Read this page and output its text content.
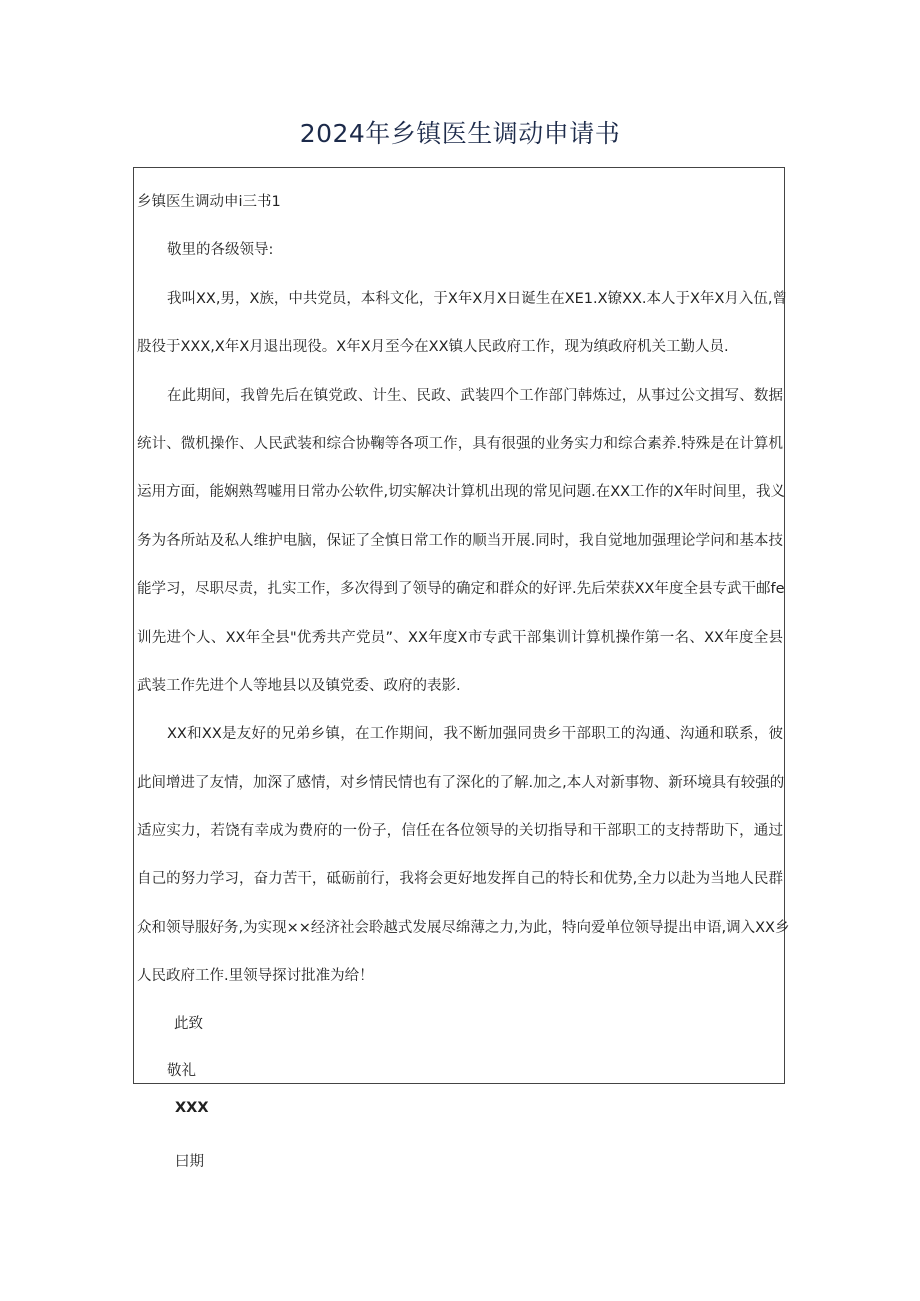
2024年乡镇医生调动申请书
乡镇医生调动申i三书1
敬里的各级领导:
我叫XX,男，X族，中共党员，本科文化，于X年X月X日诞生在XE1.X镣XX.本人于X年X月入伍,曾
股役于XXX,X年X月退出现役。X年X月至今在XX镇人民政府工作，现为缜政府机关工勤人员.
在此期间，我曾先后在镇党政、计生、民政、武装四个工作部门韩炼过，从事过公文揖写、数据
统计、微机操作、人民武装和综合协鞠等各项工作，具有很强的业务实力和综合素养.特殊是在计算机
运用方面，能娴熟驾嘘用日常办公软件,切实解决计算机出现的常见问题.在XX工作的X年时间里，我义
务为各所站及私人维护电脑，保证了全慎日常工作的顺当开展.同时，我自觉地加强理论学问和基本技
能学习，尽职尽责，扎实工作，多次得到了领导的确定和群众的好评.先后荣获XX年度全县专武干邮fe
训先进个人、XX年全县"优秀共产党员”、XX年度X市专武干部集训计算机操作第一名、XX年度全县
武装工作先进个人等地县以及镇党委、政府的表影.
XX和XX是友好的兄弟乡镇，在工作期间，我不断加强同贵乡干部职工的沟通、沟通和联系，彼
此间增进了友情，加深了感情，对乡情民情也有了深化的了解.加之,本人对新事物、新环境具有较强的
适应实力，若饶有幸成为费府的一份子，信任在各位领导的关切指导和干部职工的支持帮助下，通过
自己的努力学习，奋力苦干，砥砺前行，我将会更好地发挥自己的特长和优势,全力以赴为当地人民群
众和领导服好务,为实现××经济社会聆越式发展尽绵薄之力,为此，特向爱单位领导提出申语,调入XX乡
人民政府工作.里领导探讨批准为给！
此致
敬礼
XXX
曰期
